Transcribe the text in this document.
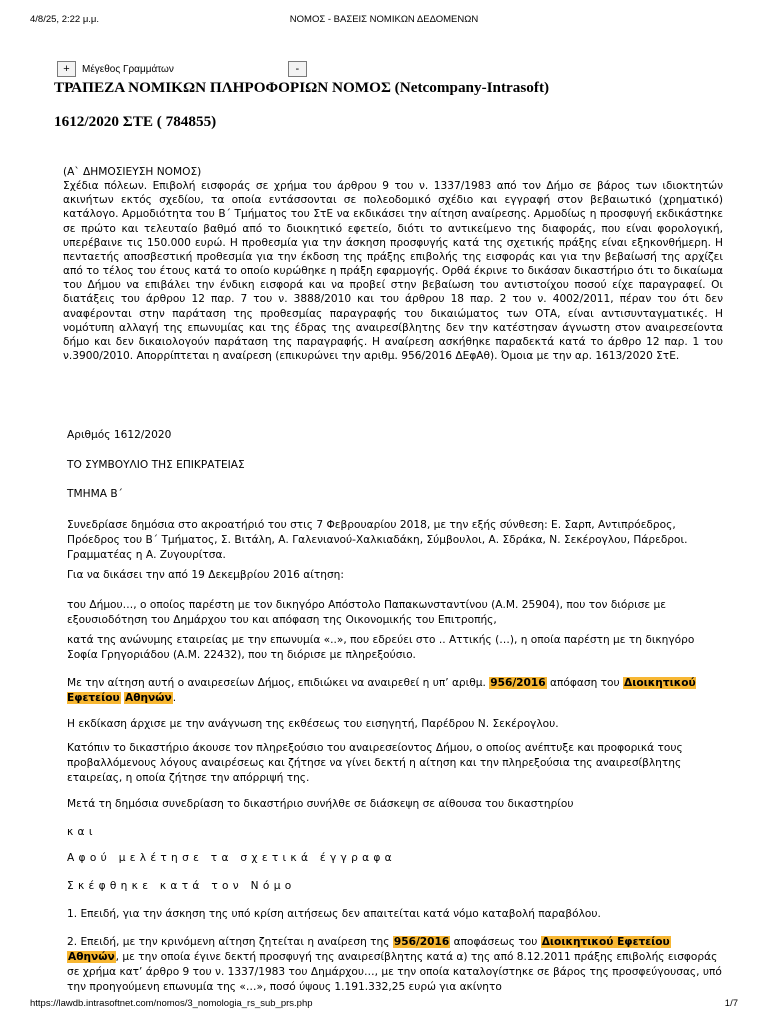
4/8/25, 2:22 μ.μ.	ΝΟΜΟΣ - ΒΑΣΕΙΣ ΝΟΜΙΚΩΝ ΔΕΔΟΜΕΝΩΝ
+	Μέγεθος Γραμμάτων	-
ΤΡΑΠΕΖΑ ΝΟΜΙΚΩΝ ΠΛΗΡΟΦΟΡΙΩΝ ΝΟΜΟΣ (Netcompany-Intrasoft)
1612/2020 ΣΤΕ ( 784855)

(Α` ΔΗΜΟΣΙΕΥΣΗ ΝΟΜΟΣ)

Σχέδια πόλεων. Επιβολή εισφοράς σε χρήμα του άρθρου 9 του ν. 1337/1983 από τον Δήμο σε βάρος των ιδιοκτητών ακινήτων εκτός σχεδίου, τα οποία εντάσσονται σε πολεοδομικό σχέδιο και εγγραφή στον βεβαιωτικό (χρηματικό) κατάλογο. Αρμοδιότητα του Β΄ Τμήματος του ΣτΕ να εκδικάσει την αίτηση αναίρεσης. Αρμοδίως η προσφυγή εκδικάστηκε σε πρώτο και τελευταίο βαθμό από το διοικητικό εφετείο, διότι το αντικείμενο της διαφοράς, που είναι φορολογική, υπερέβαινε τις 150.000 ευρώ. Η προθεσμία για την άσκηση προσφυγής κατά της σχετικής πράξης είναι εξηκονθήμερη. Η πενταετής αποσβεστική προθεσμία για την έκδοση της πράξης επιβολής της εισφοράς και για την βεβαίωσή της αρχίζει από το τέλος του έτους κατά το οποίο κυρώθηκε η πράξη εφαρμογής. Ορθά έκρινε το δικάσαν δικαστήριο ότι το δικαίωμα του Δήμου να επιβάλει την ένδικη εισφορά και να προβεί στην βεβαίωση του αντιστοίχου ποσού είχε παραγραφεί. Οι διατάξεις του άρθρου 12 παρ. 7 του ν. 3888/2010 και του άρθρου 18 παρ. 2 του ν. 4002/2011, πέραν του ότι δεν αναφέρονται στην παράταση της προθεσμίας παραγραφής του δικαιώματος των ΟΤΑ, είναι αντισυνταγματικές. Η νομότυπη αλλαγή της επωνυμίας και της έδρας της αναιρεσίβλητης δεν την κατέστησαν άγνωστη στον αναιρεσείοντα δήμο και δεν δικαιολογούν παράταση της παραγραφής. Η αναίρεση ασκήθηκε παραδεκτά κατά το άρθρο 12 παρ. 1 του ν.3900/2010. Απορρίπτεται η αναίρεση (επικυρώνει την αριθμ. 956/2016 ΔΕφΑθ). Όμοια με την αρ. 1613/2020 ΣτΕ.

Αριθμός 1612/2020

ΤΟ ΣΥΜΒΟΥΛΙΟ ΤΗΣ ΕΠΙΚΡΑΤΕΙΑΣ

ΤΜΗΜΑ Β΄

Συνεδρίασε δημόσια στο ακροατήριό του στις 7 Φεβρουαρίου 2018, με την εξής σύνθεση: Ε. Σαρπ, Αντιπρόεδρος, Πρόεδρος του Β΄ Τμήματος, Σ. Βιτάλη, Α. Γαλενιανού-Χαλκιαδάκη, Σύμβουλοι, Α. Σδράκα, Ν. Σεκέρογλου, Πάρεδροι. Γραμματέας η Α. Ζυγουρίτσα.

Για να δικάσει την από 19 Δεκεμβρίου 2016 αίτηση:

του Δήμου…, ο οποίος παρέστη με τον δικηγόρο Απόστολο Παπακωνσταντίνου (Α.Μ. 25904), που τον διόρισε με εξουσιοδότηση του Δημάρχου του και απόφαση της Οικονομικής του Επιτροπής,

κατά της ανώνυμης εταιρείας με την επωνυμία «..», που εδρεύει στο .. Αττικής (…), η οποία παρέστη με τη δικηγόρο Σοφία Γρηγοριάδου (Α.Μ. 22432), που τη διόρισε με πληρεξούσιο.

Με την αίτηση αυτή ο αναιρεσείων Δήμος, επιδιώκει να αναιρεθεί η υπ’ αριθμ. 956/2016 απόφαση του Διοικητικού Εφετείου Αθηνών.

Η εκδίκαση άρχισε με την ανάγνωση της εκθέσεως του εισηγητή, Παρέδρου Ν. Σεκέρογλου.

Κατόπιν το δικαστήριο άκουσε τον πληρεξούσιο του αναιρεσείοντος Δήμου, ο οποίος ανέπτυξε και προφορικά τους προβαλλόμενους λόγους αναιρέσεως και ζήτησε να γίνει δεκτή η αίτηση και την πληρεξούσια της αναιρεσίβλητης εταιρείας, η οποία ζήτησε την απόρριψή της.

Μετά τη δημόσια συνεδρίαση το δικαστήριο συνήλθε σε διάσκεψη σε αίθουσα του δικαστηρίου

και

Αφού μελέτησε τα σχετικά έγγραφα

Σκέφθηκε κατά τον Νόμο

1. Επειδή, για την άσκηση της υπό κρίση αιτήσεως δεν απαιτείται κατά νόμο καταβολή παραβόλου.

2. Επειδή, με την κρινόμενη αίτηση ζητείται η αναίρεση της 956/2016 αποφάσεως του Διοικητικού Εφετείου Αθηνών, με την οποία έγινε δεκτή προσφυγή της αναιρεσίβλητης κατά α) της από 8.12.2011 πράξης επιβολής εισφοράς σε χρήμα κατ’ άρθρο 9 του ν. 1337/1983 του Δημάρχου…, με την οποία καταλογίστηκε σε βάρος της προσφεύγουσας, υπό την προηγούμενη επωνυμία της «…», ποσό ύψους 1.191.332,25 ευρώ για ακίνητο

https://lawdb.intrasoftnet.com/nomos/3_nomologia_rs_sub_prs.php	1/7
